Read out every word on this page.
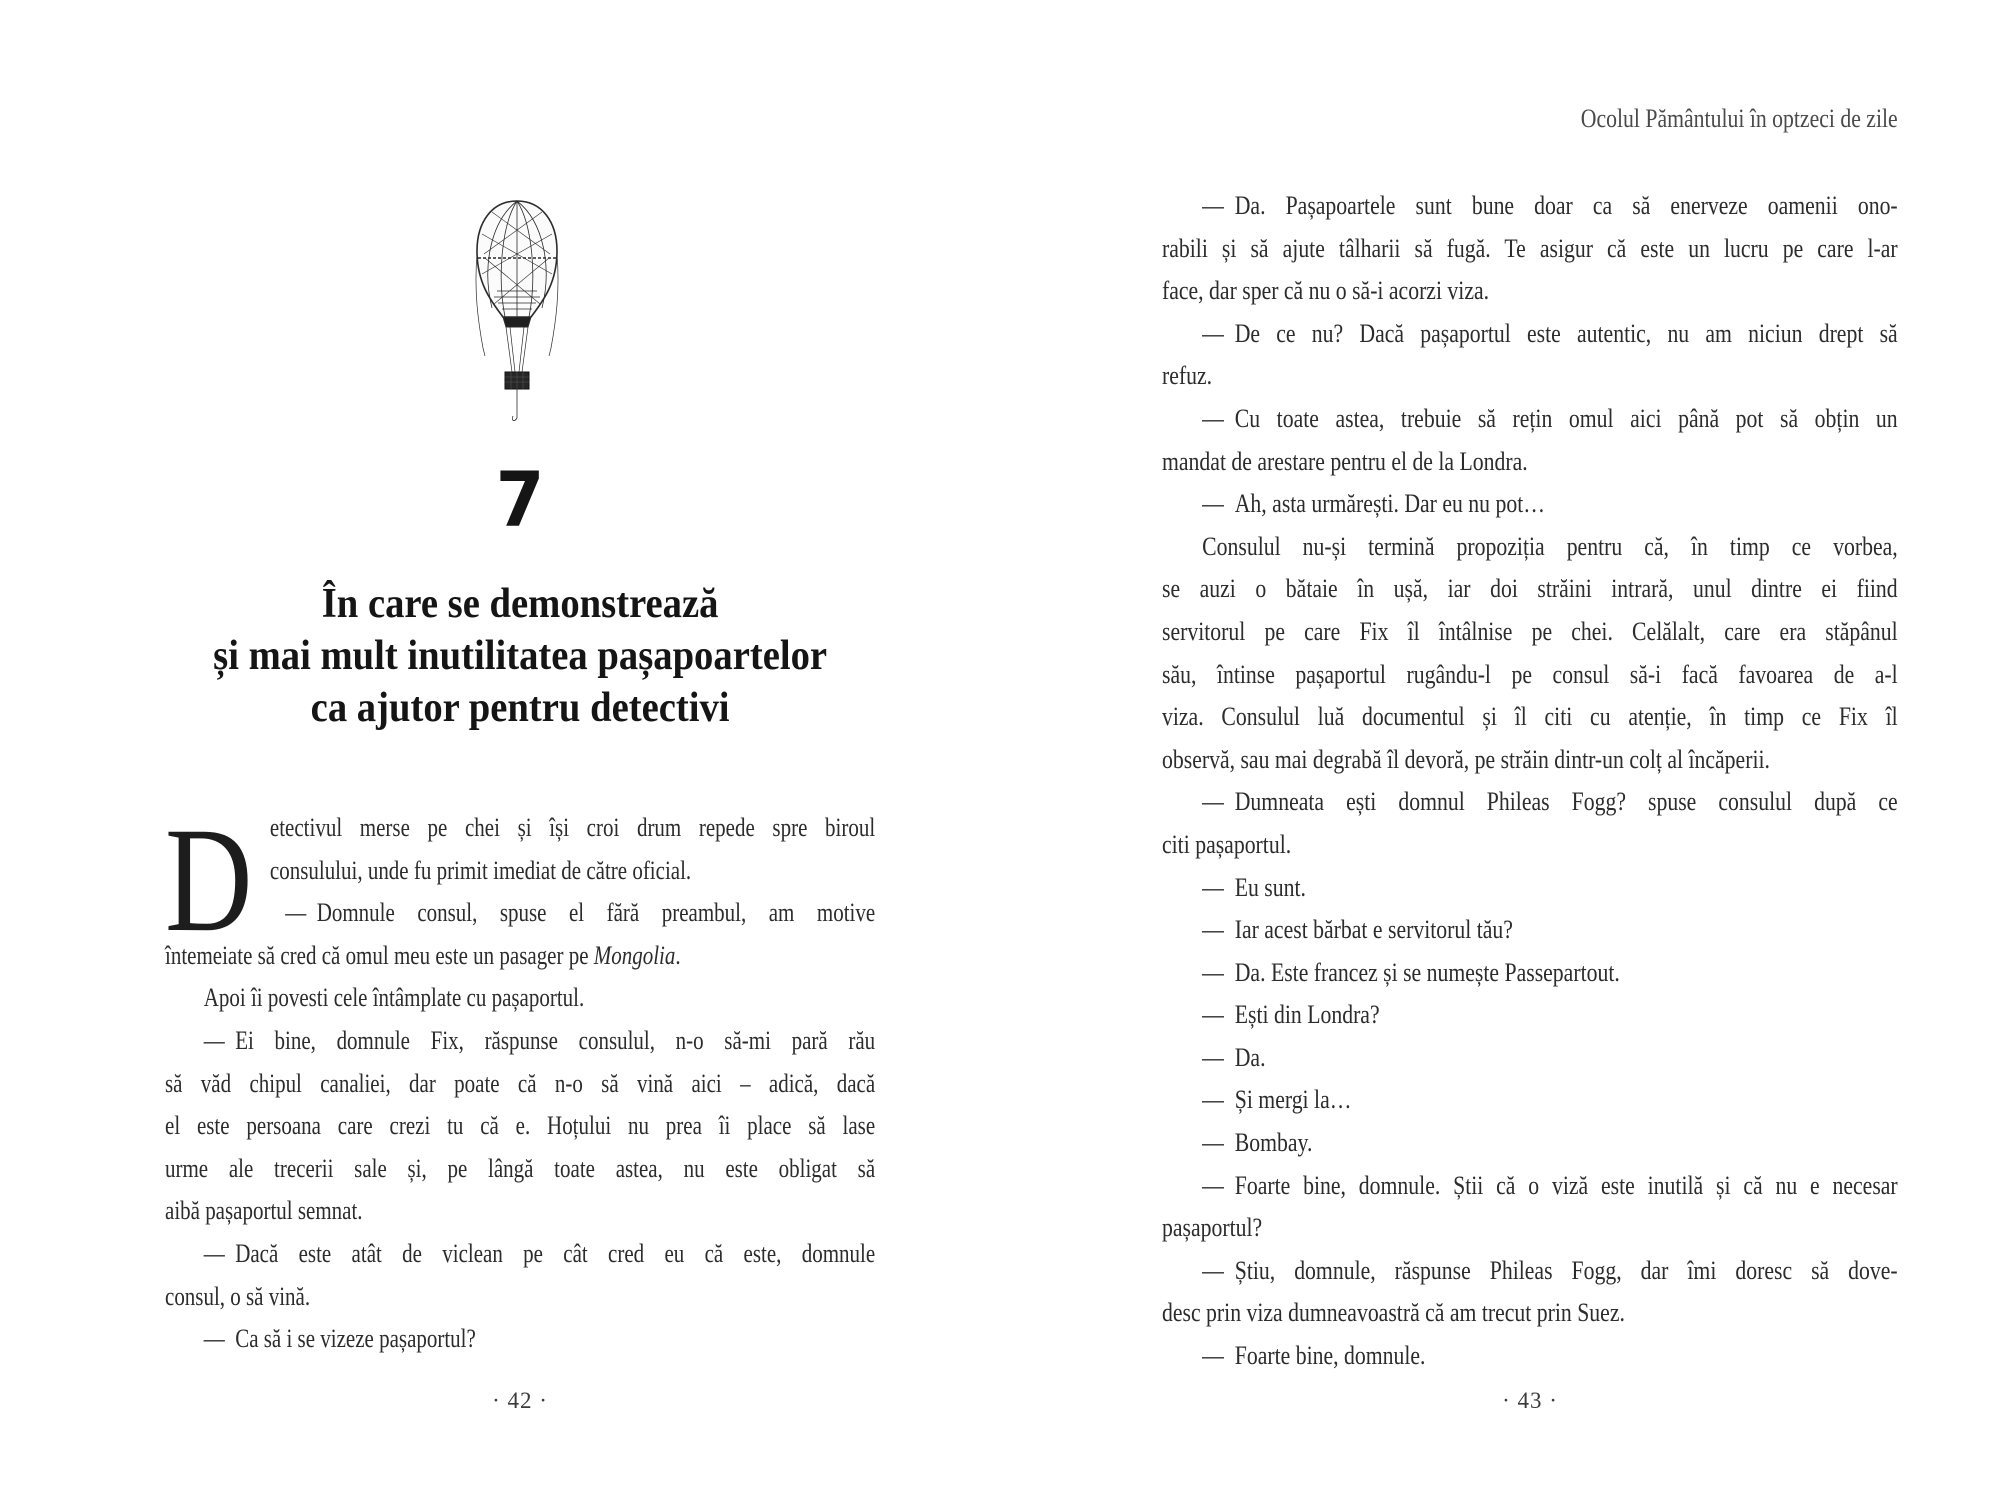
7
În care se demonstrează
și mai mult inutilitatea pașapoartelor
ca ajutor pentru detectivi
D etectivul merse pe chei și își croi drum repede spre biroul
consulului, unde fu primit imediat de către oficial.
— Domnule consul, spuse el fără preambul, am motive
întemeiate să cred că omul meu este un pasager pe Mongolia.
Apoi îi povesti cele întâmplate cu pașaportul.
— Ei bine, domnule Fix, răspunse consulul, n-o să-mi pară rău
să văd chipul canaliei, dar poate că n-o să vină aici – adică, dacă
el este persoana care crezi tu că e. Hoțului nu prea îi place să lase
urme ale trecerii sale și, pe lângă toate astea, nu este obligat să
aibă pașaportul semnat.
— Dacă este atât de viclean pe cât cred eu că este, domnule
consul, o să vină.
— Ca să i se vizeze pașaportul?
· 42 ·
Ocolul Pământului în optzeci de zile
— Da. Pașapoartele sunt bune doar ca să enerveze oamenii ono-
rabili și să ajute tâlharii să fugă. Te asigur că este un lucru pe care l-ar
face, dar sper că nu o să-i acorzi viza.
— De ce nu? Dacă pașaportul este autentic, nu am niciun drept să
refuz.
— Cu toate astea, trebuie să rețin omul aici până pot să obțin un
mandat de arestare pentru el de la Londra.
— Ah, asta urmărești. Dar eu nu pot…
Consulul nu-și termină propoziția pentru că, în timp ce vorbea,
se auzi o bătaie în ușă, iar doi străini intrară, unul dintre ei fiind
servitorul pe care Fix îl întâlnise pe chei. Celălalt, care era stăpânul
său, întinse pașaportul rugându-l pe consul să-i facă favoarea de a-l
viza. Consulul luă documentul și îl citi cu atenție, în timp ce Fix îl
observă, sau mai degrabă îl devoră, pe străin dintr-un colț al încăperii.
— Dumneata ești domnul Phileas Fogg? spuse consulul după ce
citi pașaportul.
— Eu sunt.
— Iar acest bărbat e servitorul tău?
— Da. Este francez și se numește Passepartout.
— Ești din Londra?
— Da.
— Și mergi la…
— Bombay.
— Foarte bine, domnule. Știi că o viză este inutilă și că nu e necesar
pașaportul?
— Știu, domnule, răspunse Phileas Fogg, dar îmi doresc să dove-
desc prin viza dumneavoastră că am trecut prin Suez.
— Foarte bine, domnule.
· 43 ·
